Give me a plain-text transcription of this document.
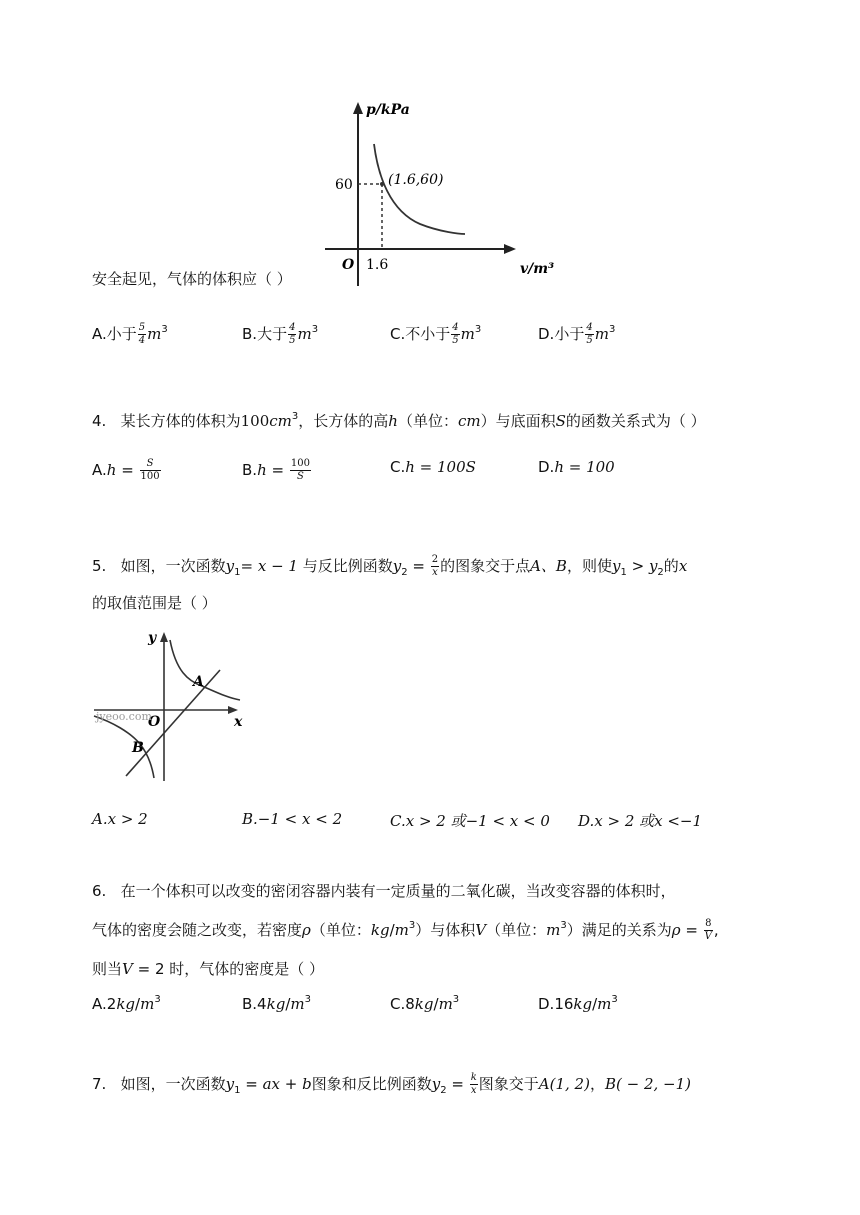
p/kPa
60	(1.6,60)
O 1.6	v/m³
安全起见，气体的体积应（ ）
A.小于 $\frac{5}{4} m^3$	B.大于 $\frac{4}{5} m^3$	C.不小于 $\frac{4}{5} m^3$	D.小于 $\frac{4}{5} m^3$
4. 某长方体的体积为$100cm^3$，长方体的高h（单位：cm）与底面积S的函数关系式为（ ）
$A.h = \frac{S}{100}$	$B.h = \frac{100}{S}$	C.h = 100S	D.h = 100
5. 如图，一次函数$y_1= x - 1$ 与反比例函数$y_2 = \frac{2}{x}$ 的图象交于点A、B，则使$y_1 > y_2$的x
的取值范围是（ ）
y
x
O
A
B
jyeoo.com
A.x > 2	B.−1 < x < 2	C.x > 2 或−1 < x < 0 D.x > 2 或x <−1
6. 在一个体积可以改变的密闭容器内装有一定质量的二氧化碳，当改变容器的体积时，
气体的密度会随之改变，若密度ρ（单位：$kg/m^3$）与体积V（单位：$m^3$）满足的关系为$\rho = \frac{8}{V}$ ,
则当V = 2 时，气体的密度是（ ）
$A.2kg/m^3$	$B.4kg/m^3$	$C.8kg/m^3$	$D.16kg/m^3$
7. 如图，一次函数$y_1$ = ax + b图象和反比例函数$y_2 = \frac{k}{x}$ 图象交于A(1, 2)，B( − 2, −1)
